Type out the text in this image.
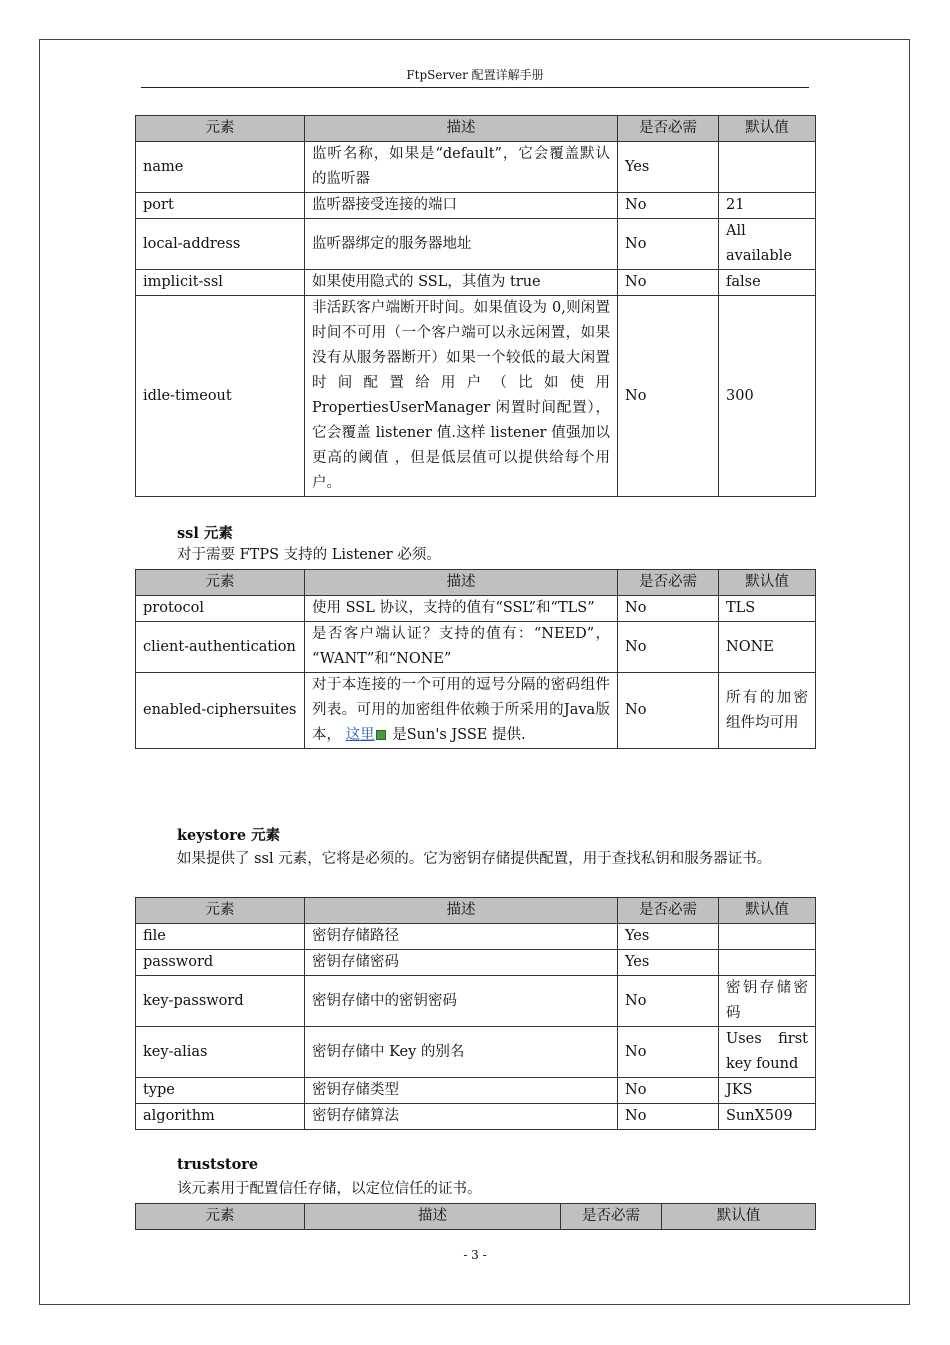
FtpServer 配置详解手册
元素	描述	是否必需	默认值
name	监听名称，如果是“default”，它会覆盖默认的监听器	Yes	
port	监听器接受连接的端口	No	21
local-address	监听器绑定的服务器地址	No	All available
implicit-ssl	如果使用隐式的 SSL，其值为 true	No	false
idle-timeout	非活跃客户端断开时间。如果值设为 0,则闲置时间不可用（一个客户端可以永远闲置，如果没有从服务器断开）如果一个较低的最大闲置时间配置给用户（比如使用 PropertiesUserManager 闲置时间配置），它会覆盖 listener 值.这样 listener 值强加以更高的阈值 ，但是低层值可以提供给每个用户。	No	300
ssl 元素
对于需要 FTPS 支持的 Listener 必须。
元素	描述	是否必需	默认值
protocol	使用 SSL 协议，支持的值有“SSL”和“TLS”	No	TLS
client-authentication	是否客户端认证？支持的值有：“NEED”， “WANT”和“NONE”	No	NONE
enabled-ciphersuites	对于本连接的一个可用的逗号分隔的密码组件列表。可用的加密组件依赖于所采用的Java版本， 这里 是Sun's JSSE 提供.	No	所有的加密组件均可用
keystore 元素
如果提供了 ssl 元素，它将是必须的。它为密钥存储提供配置，用于查找私钥和服务器证书。
元素	描述	是否必需	默认值
file	密钥存储路径	Yes	
password	密钥存储密码	Yes	
key-password	密钥存储中的密钥密码	No	密钥存储密码
key-alias	密钥存储中 Key 的别名	No	Uses first key found
type	密钥存储类型	No	JKS
algorithm	密钥存储算法	No	SunX509
truststore
该元素用于配置信任存储，以定位信任的证书。
元素	描述	是否必需	默认值
- 3 -
